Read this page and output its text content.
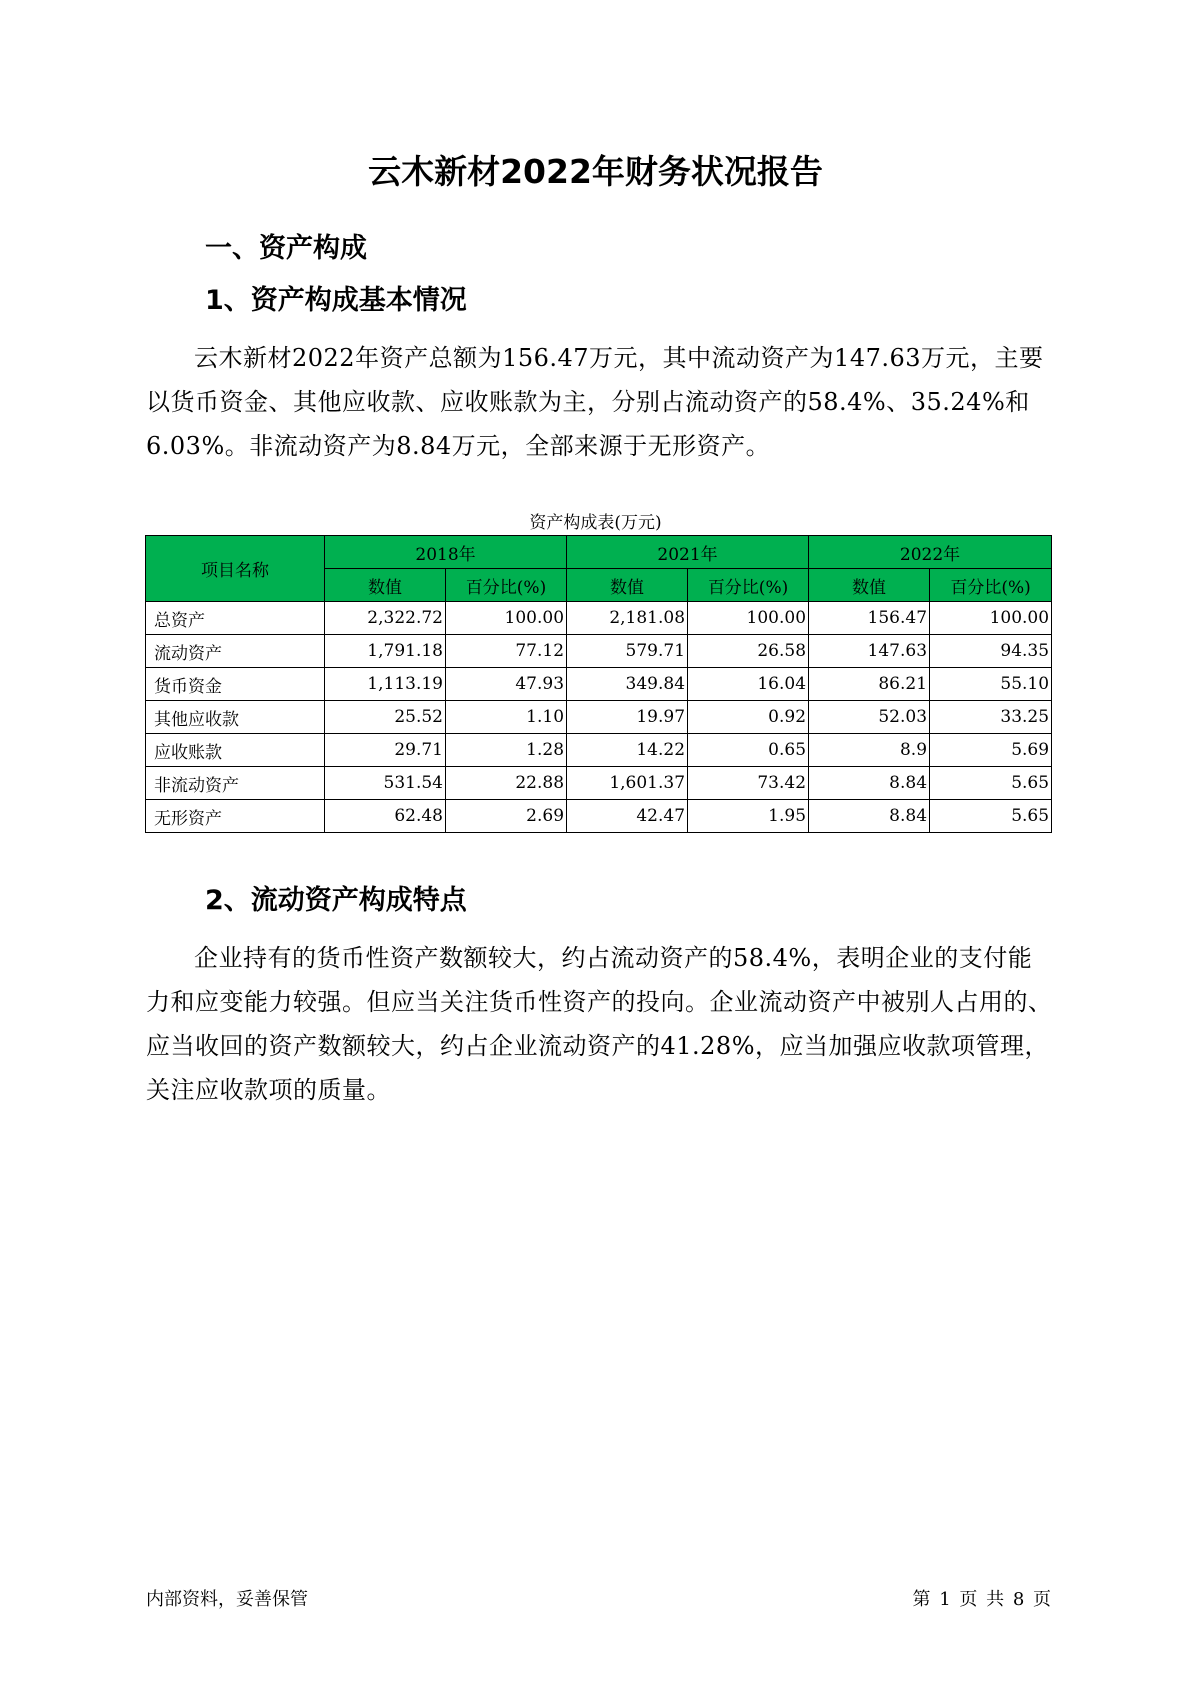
云木新材2022年财务状况报告
一、资产构成
1、资产构成基本情况

云木新材2022年资产总额为156.47万元，其中流动资产为147.63万元，主要以货币资金、其他应收款、应收账款为主，分别占流动资产的58.4%、35.24%和6.03%。非流动资产为8.84万元，全部来源于无形资产。

资产构成表(万元)
项目名称	2018年		2021年		2022年	
	数值	百分比(%)	数值	百分比(%)	数值	百分比(%)
总资产	2,322.72	100.00	2,181.08	100.00	156.47	100.00
流动资产	1,791.18	77.12	579.71	26.58	147.63	94.35
货币资金	1,113.19	47.93	349.84	16.04	86.21	55.10
其他应收款	25.52	1.10	19.97	0.92	52.03	33.25
应收账款	29.71	1.28	14.22	0.65	8.9	5.69
非流动资产	531.54	22.88	1,601.37	73.42	8.84	5.65
无形资产	62.48	2.69	42.47	1.95	8.84	5.65
2、流动资产构成特点

企业持有的货币性资产数额较大，约占流动资产的58.4%，表明企业的支付能力和应变能力较强。但应当关注货币性资产的投向。企业流动资产中被别人占用的、应当收回的资产数额较大，约占企业流动资产的41.28%，应当加强应收款项管理，关注应收款项的质量。

内部资料，妥善保管	第 1 页 共 8 页
